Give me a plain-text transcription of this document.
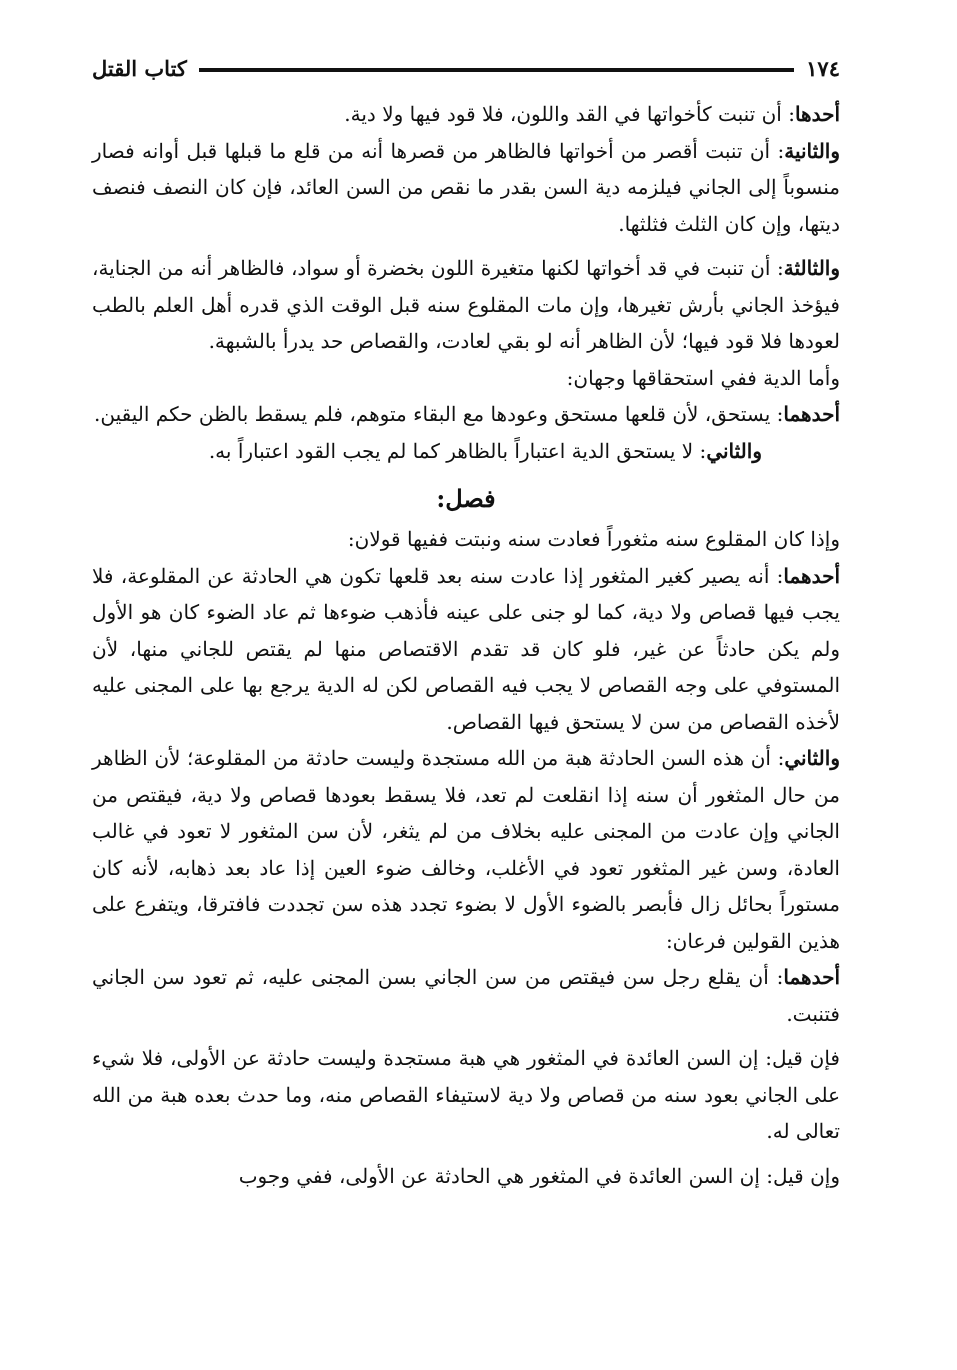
١٧٤
كتاب القتل

أحدها: أن تنبت كأخواتها في القد واللون، فلا قود فيها ولا دية.

والثانية: أن تنبت أقصر من أخواتها فالظاهر من قصرها أنه من قلع ما قبلها قبل أوانه فصار منسوباً إلى الجاني فيلزمه دية السن بقدر ما نقص من السن العائد، فإن كان النصف فنصف ديتها، وإن كان الثلث فثلثها.

والثالثة: أن تنبت في قد أخواتها لكنها متغيرة اللون بخضرة أو سواد، فالظاهر أنه من الجناية، فيؤخذ الجاني بأرش تغيرها، وإن مات المقلوع سنه قبل الوقت الذي قدره أهل العلم بالطب لعودها فلا قود فيها؛ لأن الظاهر أنه لو بقي لعادت، والقصاص حد يدرأ بالشبهة.

وأما الدية ففي استحقاقها وجهان:

أحدهما: يستحق، لأن قلعها مستحق وعودها مع البقاء متوهم، فلم يسقط بالظن حكم اليقين.

والثاني: لا يستحق الدية اعتباراً بالظاهر كما لم يجب القود اعتباراً به.

فصل:

وإذا كان المقلوع سنه مثغوراً فعادت سنه ونبتت ففيها قولان:

أحدهما: أنه يصير كغير المثغور إذا عادت سنه بعد قلعها تكون هي الحادثة عن المقلوعة، فلا يجب فيها قصاص ولا دية، كما لو جنى على عينه فأذهب ضوءها ثم عاد الضوء كان هو الأول ولم يكن حادثاً عن غير، فلو كان قد تقدم الاقتصاص منها لم يقتص للجاني منها، لأن المستوفي على وجه القصاص لا يجب فيه القصاص لكن له الدية يرجع بها على المجنى عليه لأخذه القصاص من سن لا يستحق فيها القصاص.

والثاني: أن هذه السن الحادثة هبة من الله مستجدة وليست حادثة من المقلوعة؛ لأن الظاهر من حال المثغور أن سنه إذا انقلعت لم تعد، فلا يسقط بعودها قصاص ولا دية، فيقتص من الجاني وإن عادت من المجنى عليه بخلاف من لم يثغر، لأن سن المثغور لا تعود في غالب العادة، وسن غير المثغور تعود في الأغلب، وخالف ضوء العين إذا عاد بعد ذهابه، لأنه كان مستوراً بحائل زال فأبصر بالضوء الأول لا بضوء تجدد هذه سن تجددت فافترقا، ويتفرع على هذين القولين فرعان:

أحدهما: أن يقلع رجل سن فيقتص من سن الجاني بسن المجنى عليه، ثم تعود سن الجاني فتنبت.

فإن قيل: إن السن العائدة في المثغور هي هبة مستجدة وليست حادثة عن الأولى، فلا شيء على الجاني بعود سنه من قصاص ولا دية لاستيفاء القصاص منه، وما حدث بعده هبة من الله تعالى له.

وإن قيل: إن السن العائدة في المثغور هي الحادثة عن الأولى، ففي وجوب
